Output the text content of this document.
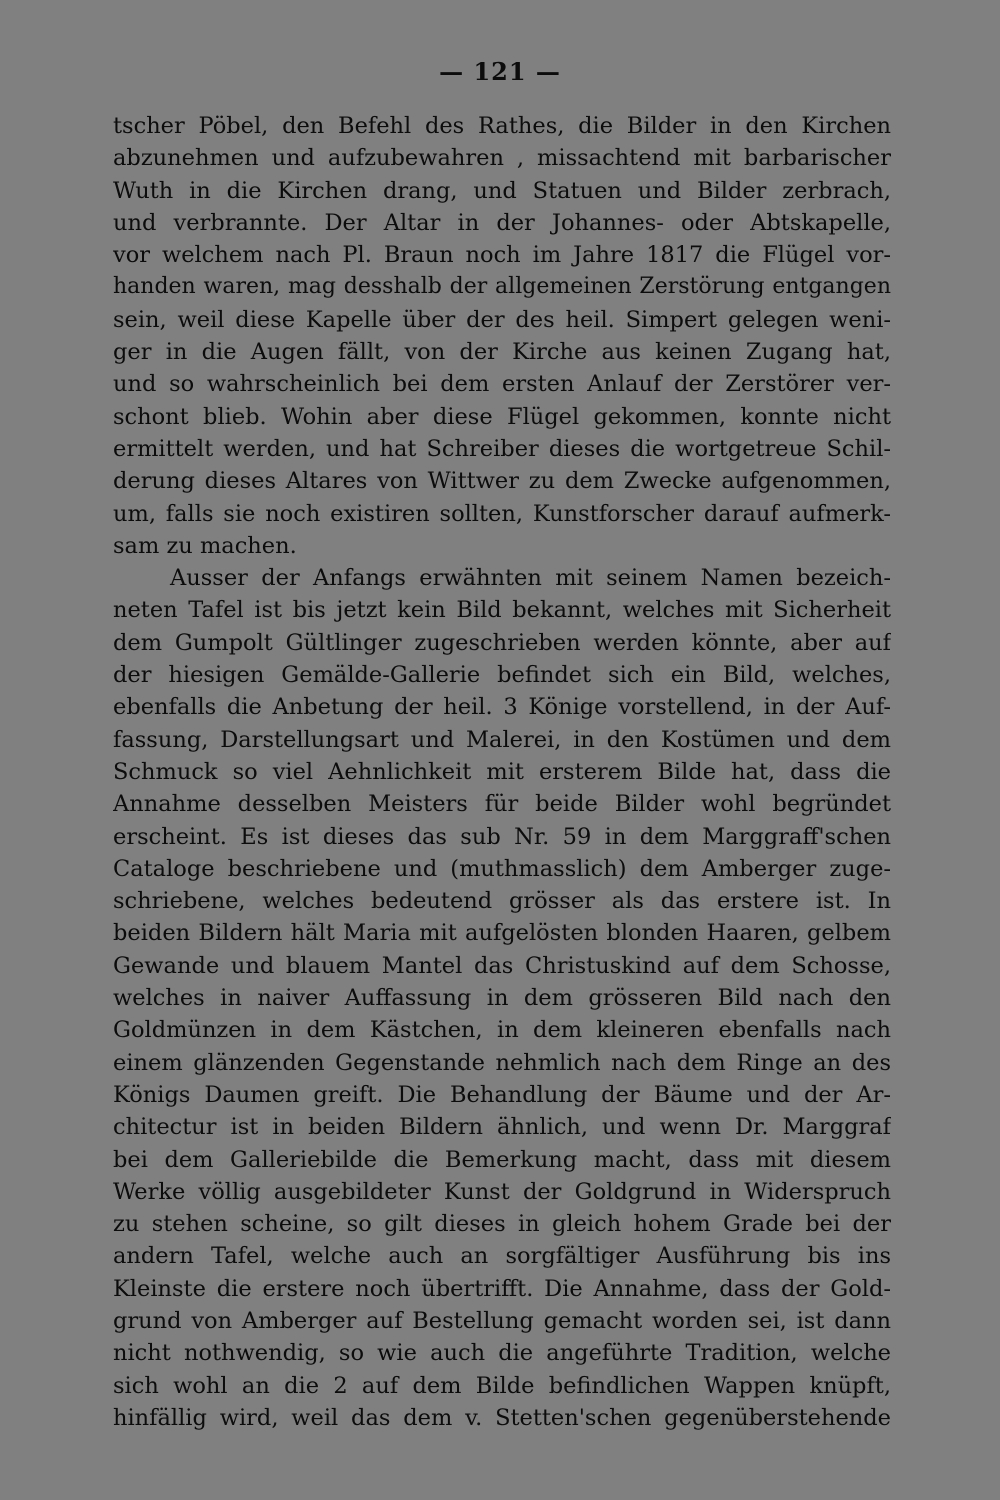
— 121 —
tscher Pöbel, den Befehl des Rathes, die Bilder in den Kirchen
abzunehmen und aufzubewahren , missachtend mit barbarischer
Wuth in die Kirchen drang, und Statuen und Bilder zerbrach,
und verbrannte. Der Altar in der Johannes- oder Abtskapelle,
vor welchem nach Pl. Braun noch im Jahre 1817 die Flügel vor-
handen waren, mag desshalb der allgemeinen Zerstörung entgangen
sein, weil diese Kapelle über der des heil. Simpert gelegen weni-
ger in die Augen fällt, von der Kirche aus keinen Zugang hat,
und so wahrscheinlich bei dem ersten Anlauf der Zerstörer ver-
schont blieb. Wohin aber diese Flügel gekommen, konnte nicht
ermittelt werden, und hat Schreiber dieses die wortgetreue Schil-
derung dieses Altares von Wittwer zu dem Zwecke aufgenommen,
um, falls sie noch existiren sollten, Kunstforscher darauf aufmerk-
sam zu machen.
Ausser der Anfangs erwähnten mit seinem Namen bezeich-
neten Tafel ist bis jetzt kein Bild bekannt, welches mit Sicherheit
dem Gumpolt Gültlinger zugeschrieben werden könnte, aber auf
der hiesigen Gemälde-Gallerie befindet sich ein Bild, welches,
ebenfalls die Anbetung der heil. 3 Könige vorstellend, in der Auf-
fassung, Darstellungsart und Malerei, in den Kostümen und dem
Schmuck so viel Aehnlichkeit mit ersterem Bilde hat, dass die
Annahme desselben Meisters für beide Bilder wohl begründet
erscheint. Es ist dieses das sub Nr. 59 in dem Marggraff'schen
Cataloge beschriebene und (muthmasslich) dem Amberger zuge-
schriebene, welches bedeutend grösser als das erstere ist. In
beiden Bildern hält Maria mit aufgelösten blonden Haaren, gelbem
Gewande und blauem Mantel das Christuskind auf dem Schosse,
welches in naiver Auffassung in dem grösseren Bild nach den
Goldmünzen in dem Kästchen, in dem kleineren ebenfalls nach
einem glänzenden Gegenstande nehmlich nach dem Ringe an des
Königs Daumen greift. Die Behandlung der Bäume und der Ar-
chitectur ist in beiden Bildern ähnlich, und wenn Dr. Marggraf
bei dem Galleriebilde die Bemerkung macht, dass mit diesem
Werke völlig ausgebildeter Kunst der Goldgrund in Widerspruch
zu stehen scheine, so gilt dieses in gleich hohem Grade bei der
andern Tafel, welche auch an sorgfältiger Ausführung bis ins
Kleinste die erstere noch übertrifft. Die Annahme, dass der Gold-
grund von Amberger auf Bestellung gemacht worden sei, ist dann
nicht nothwendig, so wie auch die angeführte Tradition, welche
sich wohl an die 2 auf dem Bilde befindlichen Wappen knüpft,
hinfällig wird, weil das dem v. Stetten'schen gegenüberstehende
